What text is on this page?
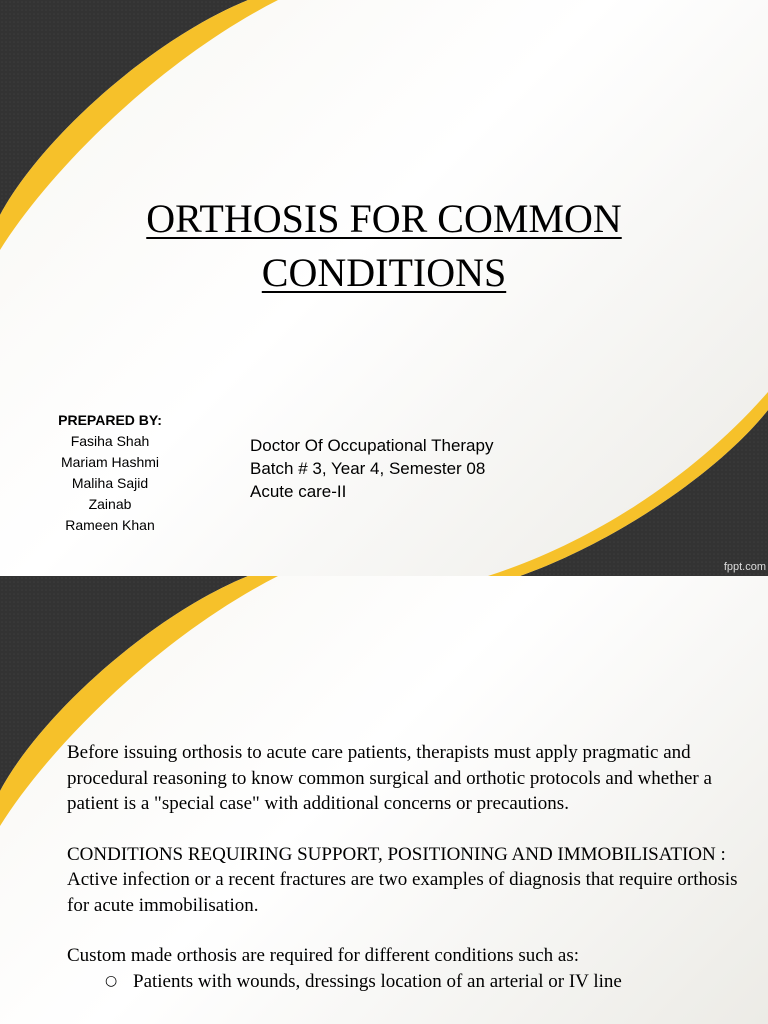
ORTHOSIS FOR COMMON
CONDITIONS
PREPARED BY:
Fasiha Shah
Mariam Hashmi
Maliha Sajid
Zainab
Rameen Khan
Doctor Of Occupational Therapy
Batch # 3, Year 4, Semester 08
Acute care-II
fppt.com

Before issuing orthosis to acute care patients, therapists must apply pragmatic and procedural reasoning to know common surgical and orthotic protocols and whether a patient is a "special case" with additional concerns or precautions.

CONDITIONS REQUIRING SUPPORT, POSITIONING AND IMMOBILISATION :
Active infection or a recent fractures are two examples of diagnosis that require orthosis for acute immobilisation.

Custom made orthosis are required for different conditions such as:

○ Patients with wounds, dressings location of an arterial or IV line
